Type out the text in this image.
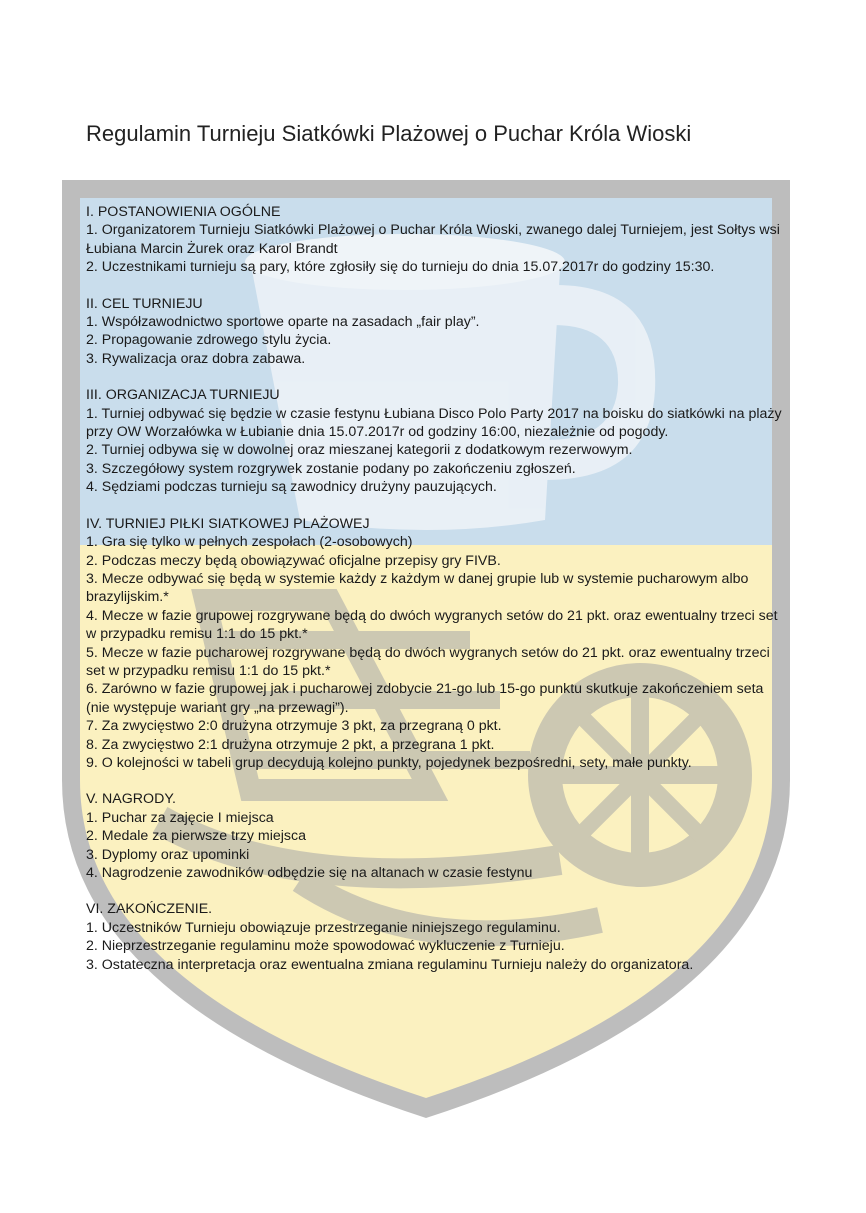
Regulamin Turnieju Siatkówki Plażowej o Puchar Króla Wioski
I. POSTANOWIENIA OGÓLNE
1. Organizatorem Turnieju Siatkówki Plażowej o Puchar Króla Wioski, zwanego dalej Turniejem, jest Sołtys wsi Łubiana Marcin Żurek oraz Karol Brandt
2. Uczestnikami turnieju są pary, które zgłosiły się do turnieju do dnia 15.07.2017r do godziny 15:30.
II. CEL TURNIEJU
1. Współzawodnictwo sportowe oparte na zasadach „fair play”.
2. Propagowanie zdrowego stylu życia.
3. Rywalizacja oraz dobra zabawa.
III. ORGANIZACJA TURNIEJU
1. Turniej odbywać się będzie w czasie festynu Łubiana Disco Polo Party 2017 na boisku do siatkówki na plaży przy OW Worzałówka w Łubianie dnia 15.07.2017r od godziny 16:00, niezależnie od pogody.
2. Turniej odbywa się w dowolnej oraz mieszanej kategorii z dodatkowym rezerwowym.
3. Szczegółowy system rozgrywek zostanie podany po zakończeniu zgłoszeń.
4. Sędziami podczas turnieju są zawodnicy drużyny pauzujących.
IV. TURNIEJ PIŁKI SIATKOWEJ PLAŻOWEJ
1. Gra się tylko w pełnych zespołach (2-osobowych)
2. Podczas meczy będą obowiązywać oficjalne przepisy gry FIVB.
3. Mecze odbywać się będą w systemie każdy z każdym w danej grupie lub w systemie pucharowym albo brazylijskim.*
4. Mecze w fazie grupowej rozgrywane będą do dwóch wygranych setów do 21 pkt. oraz ewentualny trzeci set w przypadku remisu 1:1 do 15 pkt.*
5. Mecze w fazie pucharowej rozgrywane będą do dwóch wygranych setów do 21 pkt. oraz ewentualny trzeci set w przypadku remisu 1:1 do 15 pkt.*
6. Zarówno w fazie grupowej jak i pucharowej zdobycie 21-go lub 15-go punktu skutkuje zakończeniem seta (nie występuje wariant gry „na przewagi”).
7. Za zwycięstwo 2:0 drużyna otrzymuje 3 pkt, za przegraną 0 pkt.
8. Za zwycięstwo 2:1 drużyna otrzymuje 2 pkt, a przegrana 1 pkt.
9. O kolejności w tabeli grup decydują kolejno punkty, pojedynek bezpośredni, sety, małe punkty.
V. NAGRODY.
1. Puchar za zajęcie I miejsca
2. Medale za pierwsze trzy miejsca
3. Dyplomy oraz upominki
4. Nagrodzenie zawodników odbędzie się na altanach w czasie festynu
VI. ZAKOŃCZENIE.
1. Uczestników Turnieju obowiązuje przestrzeganie niniejszego regulaminu.
2. Nieprzestrzeganie regulaminu może spowodować wykluczenie z Turnieju.
3. Ostateczna interpretacja oraz ewentualna zmiana regulaminu Turnieju należy do organizatora.
